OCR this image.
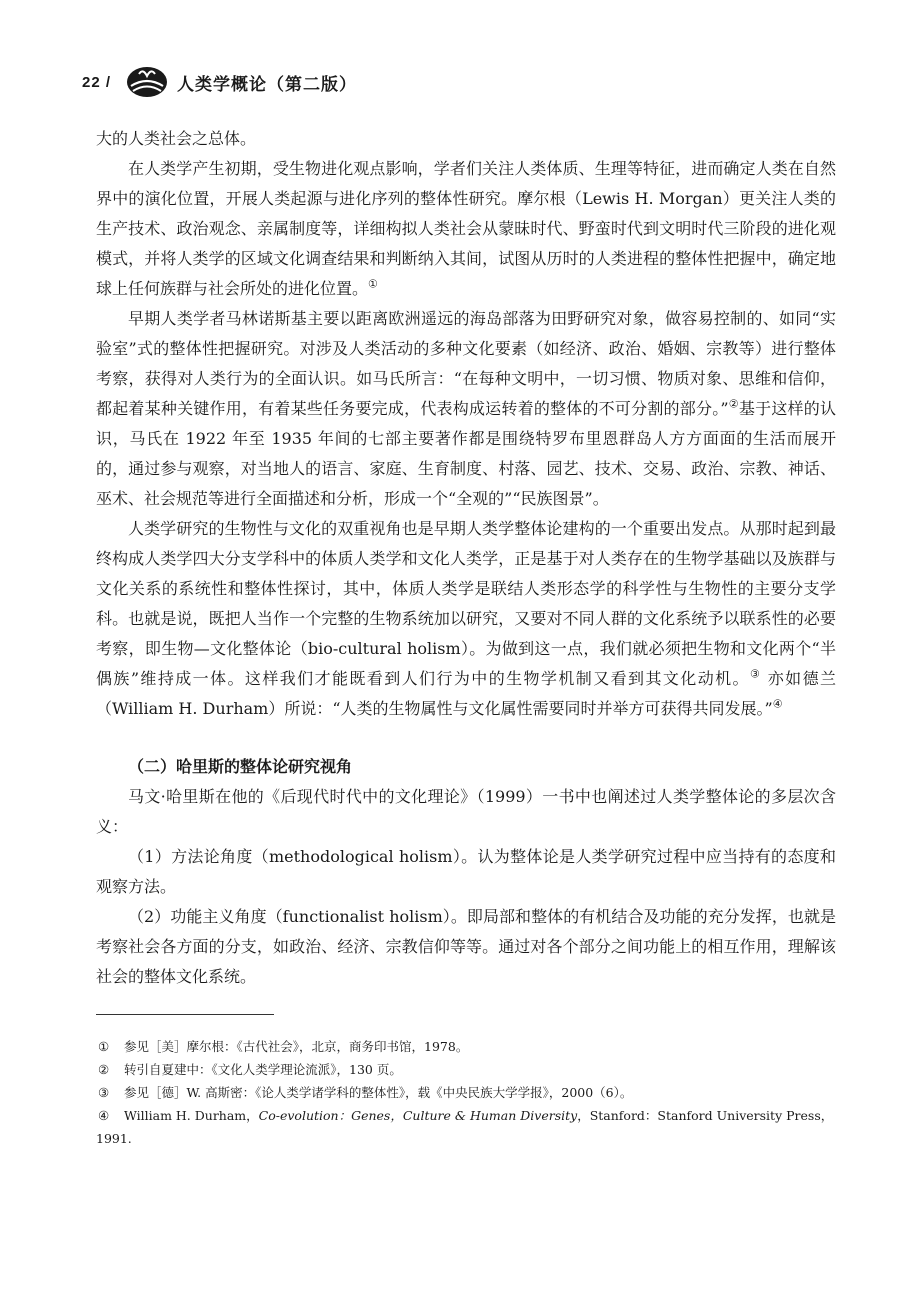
22 /	人类学概论（第二版）

大的人类社会之总体。

在人类学产生初期，受生物进化观点影响，学者们关注人类体质、生理等特征，进而确定人类在自然界中的演化位置，开展人类起源与进化序列的整体性研究。摩尔根（Lewis H. Morgan）更关注人类的生产技术、政治观念、亲属制度等，详细构拟人类社会从蒙昧时代、野蛮时代到文明时代三阶段的进化观模式，并将人类学的区域文化调查结果和判断纳入其间，试图从历时的人类进程的整体性把握中，确定地球上任何族群与社会所处的进化位置。①

早期人类学者马林诺斯基主要以距离欧洲遥远的海岛部落为田野研究对象，做容易控制的、如同“实验室”式的整体性把握研究。对涉及人类活动的多种文化要素（如经济、政治、婚姻、宗教等）进行整体考察，获得对人类行为的全面认识。如马氏所言：“在每种文明中，一切习惯、物质对象、思维和信仰，都起着某种关键作用，有着某些任务要完成，代表构成运转着的整体的不可分割的部分。”②基于这样的认识，马氏在 1922 年至 1935 年间的七部主要著作都是围绕特罗布里恩群岛人方方面面的生活而展开的，通过参与观察，对当地人的语言、家庭、生育制度、村落、园艺、技术、交易、政治、宗教、神话、巫术、社会规范等进行全面描述和分析，形成一个“全观的”“民族图景”。

人类学研究的生物性与文化的双重视角也是早期人类学整体论建构的一个重要出发点。从那时起到最终构成人类学四大分支学科中的体质人类学和文化人类学，正是基于对人类存在的生物学基础以及族群与文化关系的系统性和整体性探讨，其中，体质人类学是联结人类形态学的科学性与生物性的主要分支学科。也就是说，既把人当作一个完整的生物系统加以研究，又要对不同人群的文化系统予以联系性的必要考察，即生物—文化整体论（bio-cultural holism）。为做到这一点，我们就必须把生物和文化两个“半偶族”维持成一体。这样我们才能既看到人们行为中的生物学机制又看到其文化动机。③ 亦如德兰（William H. Durham）所说：“人类的生物属性与文化属性需要同时并举方可获得共同发展。”④

（二）哈里斯的整体论研究视角

马文·哈里斯在他的《后现代时代中的文化理论》（1999）一书中也阐述过人类学整体论的多层次含义：

（1）方法论角度（methodological holism）。认为整体论是人类学研究过程中应当持有的态度和观察方法。

（2）功能主义角度（functionalist holism）。即局部和整体的有机结合及功能的充分发挥，也就是考察社会各方面的分支，如政治、经济、宗教信仰等等。通过对各个部分之间功能上的相互作用，理解该社会的整体文化系统。

①	参见［美］摩尔根：《古代社会》，北京，商务印书馆，1978。
②	转引自夏建中：《文化人类学理论流派》，130 页。
③	参见［德］W. 高斯密：《论人类学诸学科的整体性》，载《中央民族大学学报》，2000（6）。
④	William H. Durham，Co-evolution：Genes，Culture & Human Diversity，Stanford：Stanford University Press，
1991.
